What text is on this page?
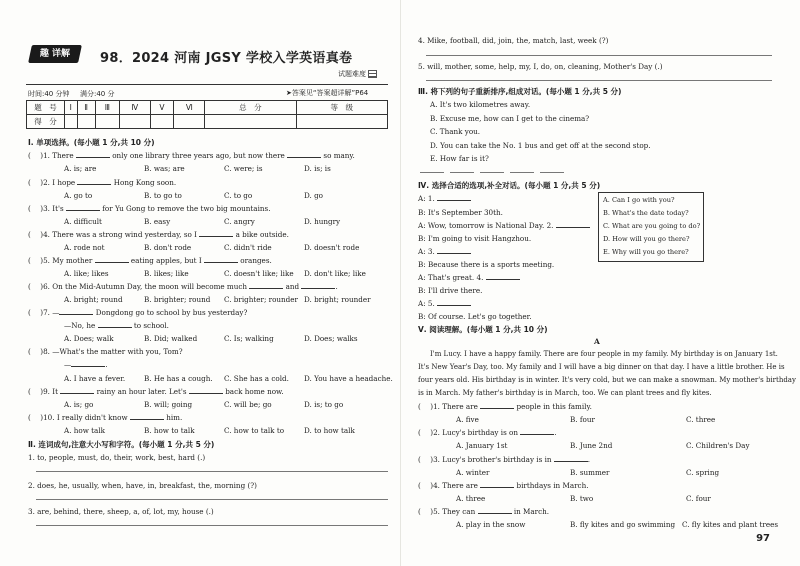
趣 详解	98．2024 河南 JGSY 学校入学英语真卷
试题难度
时间:40 分钟 满分:40 分	➤答案见“答案超详解”P64
题　号	Ⅰ	Ⅱ	Ⅲ	Ⅳ	Ⅴ	Ⅵ	总　分	等　级
得　分								
Ⅰ. 单项选择。(每小题 1 分,共 10 分)
( 　)1. There	only one library three years ago, but now there	so many.
A. is; are	B. was; are	C. were; is	D. is; is
( 　)2. I hope	Hong Kong soon.
A. go to	B. to go to	C. to go	D. go
( 　)3. It's	for Yu Gong to remove the two big mountains.
A. difficult	B. easy	C. angry	D. hungry
( 　)4. There was a strong wind yesterday, so I	a bike outside.
A. rode not	B. don't rode	C. didn't ride	D. doesn't rode
( 　)5. My mother	eating apples, but I	oranges.
A. like; likes	B. likes; like	C. doesn't like; like D. don't like; like
( 　)6. On the Mid-Autumn Day, the moon will become much	and	.
A. bright; round	B. brighter; round C. brighter; rounder D. bright; rounder
( 　)7. —	Dongdong go to school by bus yesterday?
—No, he	to school.
A. Does; walk	B. Did; walked	C. Is; walking	D. Does; walks
( 　)8. —What's the matter with you, Tom?
—	.
A. I have a fever.	B. He has a cough. C. She has a cold. D. You have a headache.
( 　)9. It	rainy an hour later. Let's	back home now.
A. is; go	B. will; going	C. will be; go	D. is; to go
( 　)10. I really didn't know	him.
A. how talk	B. how to talk	C. how to talk to	D. to how talk
Ⅱ. 连词成句,注意大小写和字符。(每小题 1 分,共 5 分)
1. to, people, must, do, their, work, best, hard (.)
2. does, he, usually, when, have, in, breakfast, the, morning (?)
3. are, behind, there, sheep, a, of, lot, my, house (.)
4. Mike, football, did, join, the, match, last, week (?)
5. will, mother, some, help, my, I, do, on, cleaning, Mother's Day (.)
Ⅲ. 将下列的句子重新排序,组成对话。(每小题 1 分,共 5 分)
A. It's two kilometres away.
B. Excuse me, how can I get to the cinema?
C. Thank you.
D. You can take the No. 1 bus and get off at the second stop.
E. How far is it?
Ⅳ. 选择合适的选项,补全对话。(每小题 1 分,共 5 分)
A: 1.
B: It's September 30th.
A: Wow, tomorrow is National Day. 2.
B: I'm going to visit Hangzhou.
A: 3.
B: Because there is a sports meeting.
A: That's great. 4.
B: I'll drive there.
A: 5.
B: Of course. Let's go together.
A. Can I go with you?
B. What's the date today?
C. What are you going to do?
D. How will you go there?
E. Why will you go there?
Ⅴ. 阅读理解。(每小题 1 分,共 10 分)
A
I'm Lucy. I have a happy family. There are four people in my family. My birthday is on January 1st.
It's New Year's Day, too. My family and I will have a big dinner on that day. I have a little brother. He is
four years old. His birthday is in winter. It's very cold, but we can make a snowman. My mother's birthday
is in March. My father's birthday is in March, too. We can plant trees and fly kites.
( 　)1. There are	people in this family.
A. five	B. four	C. three
( 　)2. Lucy's birthday is on	.
A. January 1st	B. June 2nd	C. Children's Day
( 　)3. Lucy's brother's birthday is in	.
A. winter	B. summer	C. spring
( 　)4. There are	birthdays in March.
A. three	B. two	C. four
( 　)5. They can	in March.
A. play in the snow	B. fly kites and go swimming C. fly kites and plant trees
97
